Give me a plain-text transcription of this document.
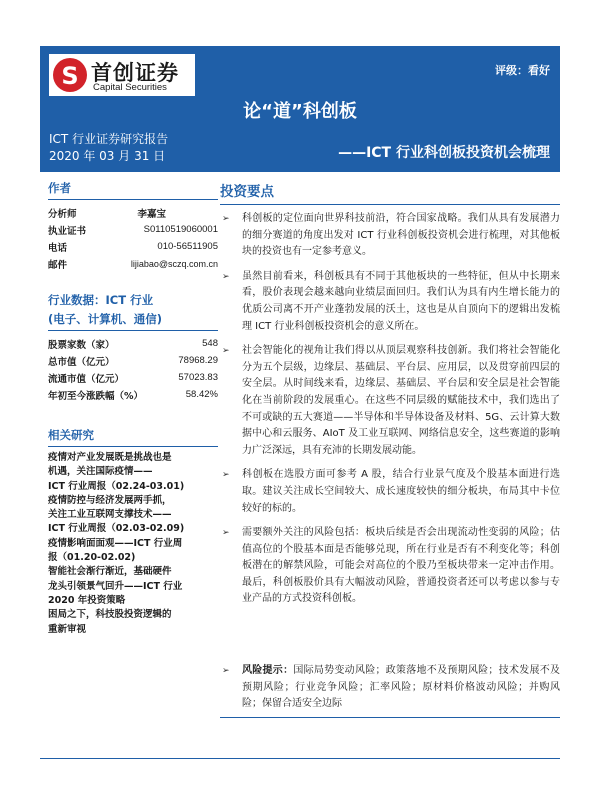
S 首创证券
Capital Securities
评级：看好
论“道”科创板
ICT 行业证券研究报告
2020 年 03 月 31 日	——ICT 行业科创板投资机会梳理
作者
分析师	李嘉宝
执业证书	S0110519060001
电话	010-56511905
邮件	lijiabao@sczq.com.cn
行业数据：ICT 行业
(电子、计算机、通信)
股票家数（家）	548
总市值（亿元）	78968.29
流通市值（亿元）	57023.83
年初至今涨跌幅（%）	58.42%
相关研究
疫情对产业发展既是挑战也是
机遇，关注国际疫情——
ICT 行业周报（02.24-03.01)
疫情防控与经济发展两手抓，
关注工业互联网支撑技术——
ICT 行业周报（02.03-02.09)
疫情影响面面观——ICT 行业周
报（01.20-02.02)
智能社会渐行渐近，基础硬件
龙头引领景气回升——ICT 行业
2020 年投资策略
困局之下，科技股投资逻辑的
重新审视
投资要点
➢ 科创板的定位面向世界科技前沿，符合国家战略。我们从具有发展潜力的细分赛道的角度出发对 ICT 行业科创板投资机会进行梳理，对其他板块的投资也有一定参考意义。
➢ 虽然目前看来，科创板具有不同于其他板块的一些特征，但从中长期来看，股价表现会越来越向业绩层面回归。我们认为具有内生增长能力的优质公司离不开产业蓬勃发展的沃土，这也是从自顶向下的逻辑出发梳理 ICT 行业科创板投资机会的意义所在。
➢ 社会智能化的视角让我们得以从顶层观察科技创新。我们将社会智能化分为五个层级，边缘层、基础层、平台层、应用层，以及贯穿前四层的安全层。从时间线来看，边缘层、基础层、平台层和安全层是社会智能化在当前阶段的发展重心。在这些不同层级的赋能技术中，我们选出了不可或缺的五大赛道——半导体和半导体设备及材料、5G、云计算大数据中心和云服务、AIoT 及工业互联网、网络信息安全，这些赛道的影响力广泛深远，具有充沛的长期发展动能。
➢ 科创板在选股方面可参考 A 股，结合行业景气度及个股基本面进行选取。建议关注成长空间较大、成长速度较快的细分板块，布局其中卡位较好的标的。
➢ 需要额外关注的风险包括：板块后续是否会出现流动性变弱的风险；估值高位的个股基本面是否能够兑现，所在行业是否有不利变化等；科创板潜在的解禁风险，可能会对高位的个股乃至板块带来一定冲击作用。最后，科创板股价具有大幅波动风险，普通投资者还可以考虑以参与专业产品的方式投资科创板。
➢ 风险提示：国际局势变动风险；政策落地不及预期风险；技术发展不及预期风险；行业竞争风险；汇率风险；原材料价格波动风险；并购风险；保留合适安全边际
